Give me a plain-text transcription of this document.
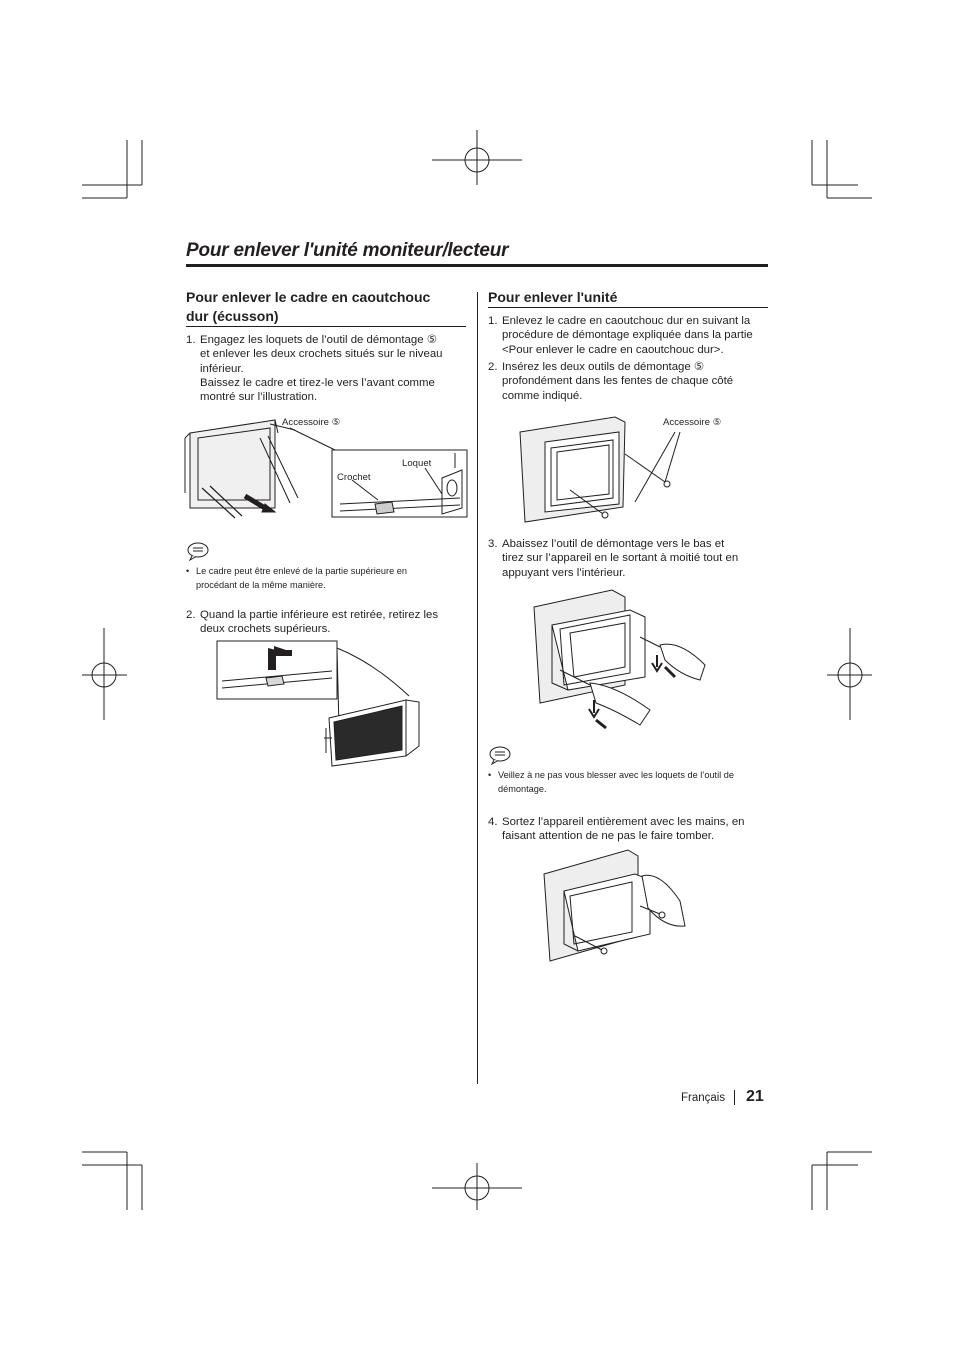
Pour enlever l'unité moniteur/lecteur
Pour enlever le cadre en caoutchouc
dur (écusson)
1. Engagez les loquets de l’outil de démontage ⑤
et enlever les deux crochets situés sur le niveau
inférieur.
Baissez le cadre et tirez-le vers l’avant comme
montré sur l’illustration.
Accessoire ⑤
Loquet
Crochet
• Le cadre peut être enlevé de la partie supérieure en
procédant de la même manière.
2. Quand la partie inférieure est retirée, retirez les
deux crochets supérieurs.
Pour enlever l'unité
1. Enlevez le cadre en caoutchouc dur en suivant la
procédure de démontage expliquée dans la partie
<Pour enlever le cadre en caoutchouc dur>.
2. Insérez les deux outils de démontage ⑤
profondément dans les fentes de chaque côté
comme indiqué.
Accessoire ⑤
3. Abaissez l’outil de démontage vers le bas et
tirez sur l’appareil en le sortant à moitié tout en
appuyant vers l’intérieur.
• Veillez à ne pas vous blesser avec les loquets de l’outil de
démontage.
4. Sortez l’appareil entièrement avec les mains, en
faisant attention de ne pas le faire tomber.
Français 21
